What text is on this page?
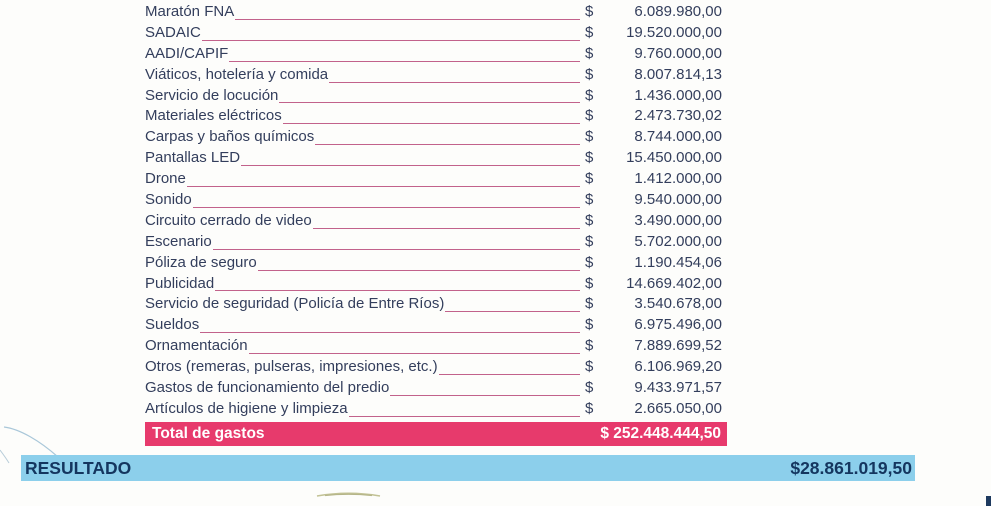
Maratón FNA	$	6.089.980,00
SADAIC	$	19.520.000,00
AADI/CAPIF	$	9.760.000,00
Viáticos, hotelería y comida	$	8.007.814,13
Servicio de locución	$	1.436.000,00
Materiales eléctricos	$	2.473.730,02
Carpas y baños químicos	$	8.744.000,00
Pantallas LED	$	15.450.000,00
Drone	$	1.412.000,00
Sonido	$	9.540.000,00
Circuito cerrado de video	$	3.490.000,00
Escenario	$	5.702.000,00
Póliza de seguro	$	1.190.454,06
Publicidad	$	14.669.402,00
Servicio de seguridad (Policía de Entre Ríos)	$	3.540.678,00
Sueldos	$	6.975.496,00
Ornamentación	$	7.889.699,52
Otros (remeras, pulseras, impresiones, etc.)	$	6.106.969,20
Gastos de funcionamiento del predio	$	9.433.971,57
Artículos de higiene y limpieza	$	2.665.050,00
Total de gastos	$ 252.448.444,50
RESULTADO	$28.861.019,50
